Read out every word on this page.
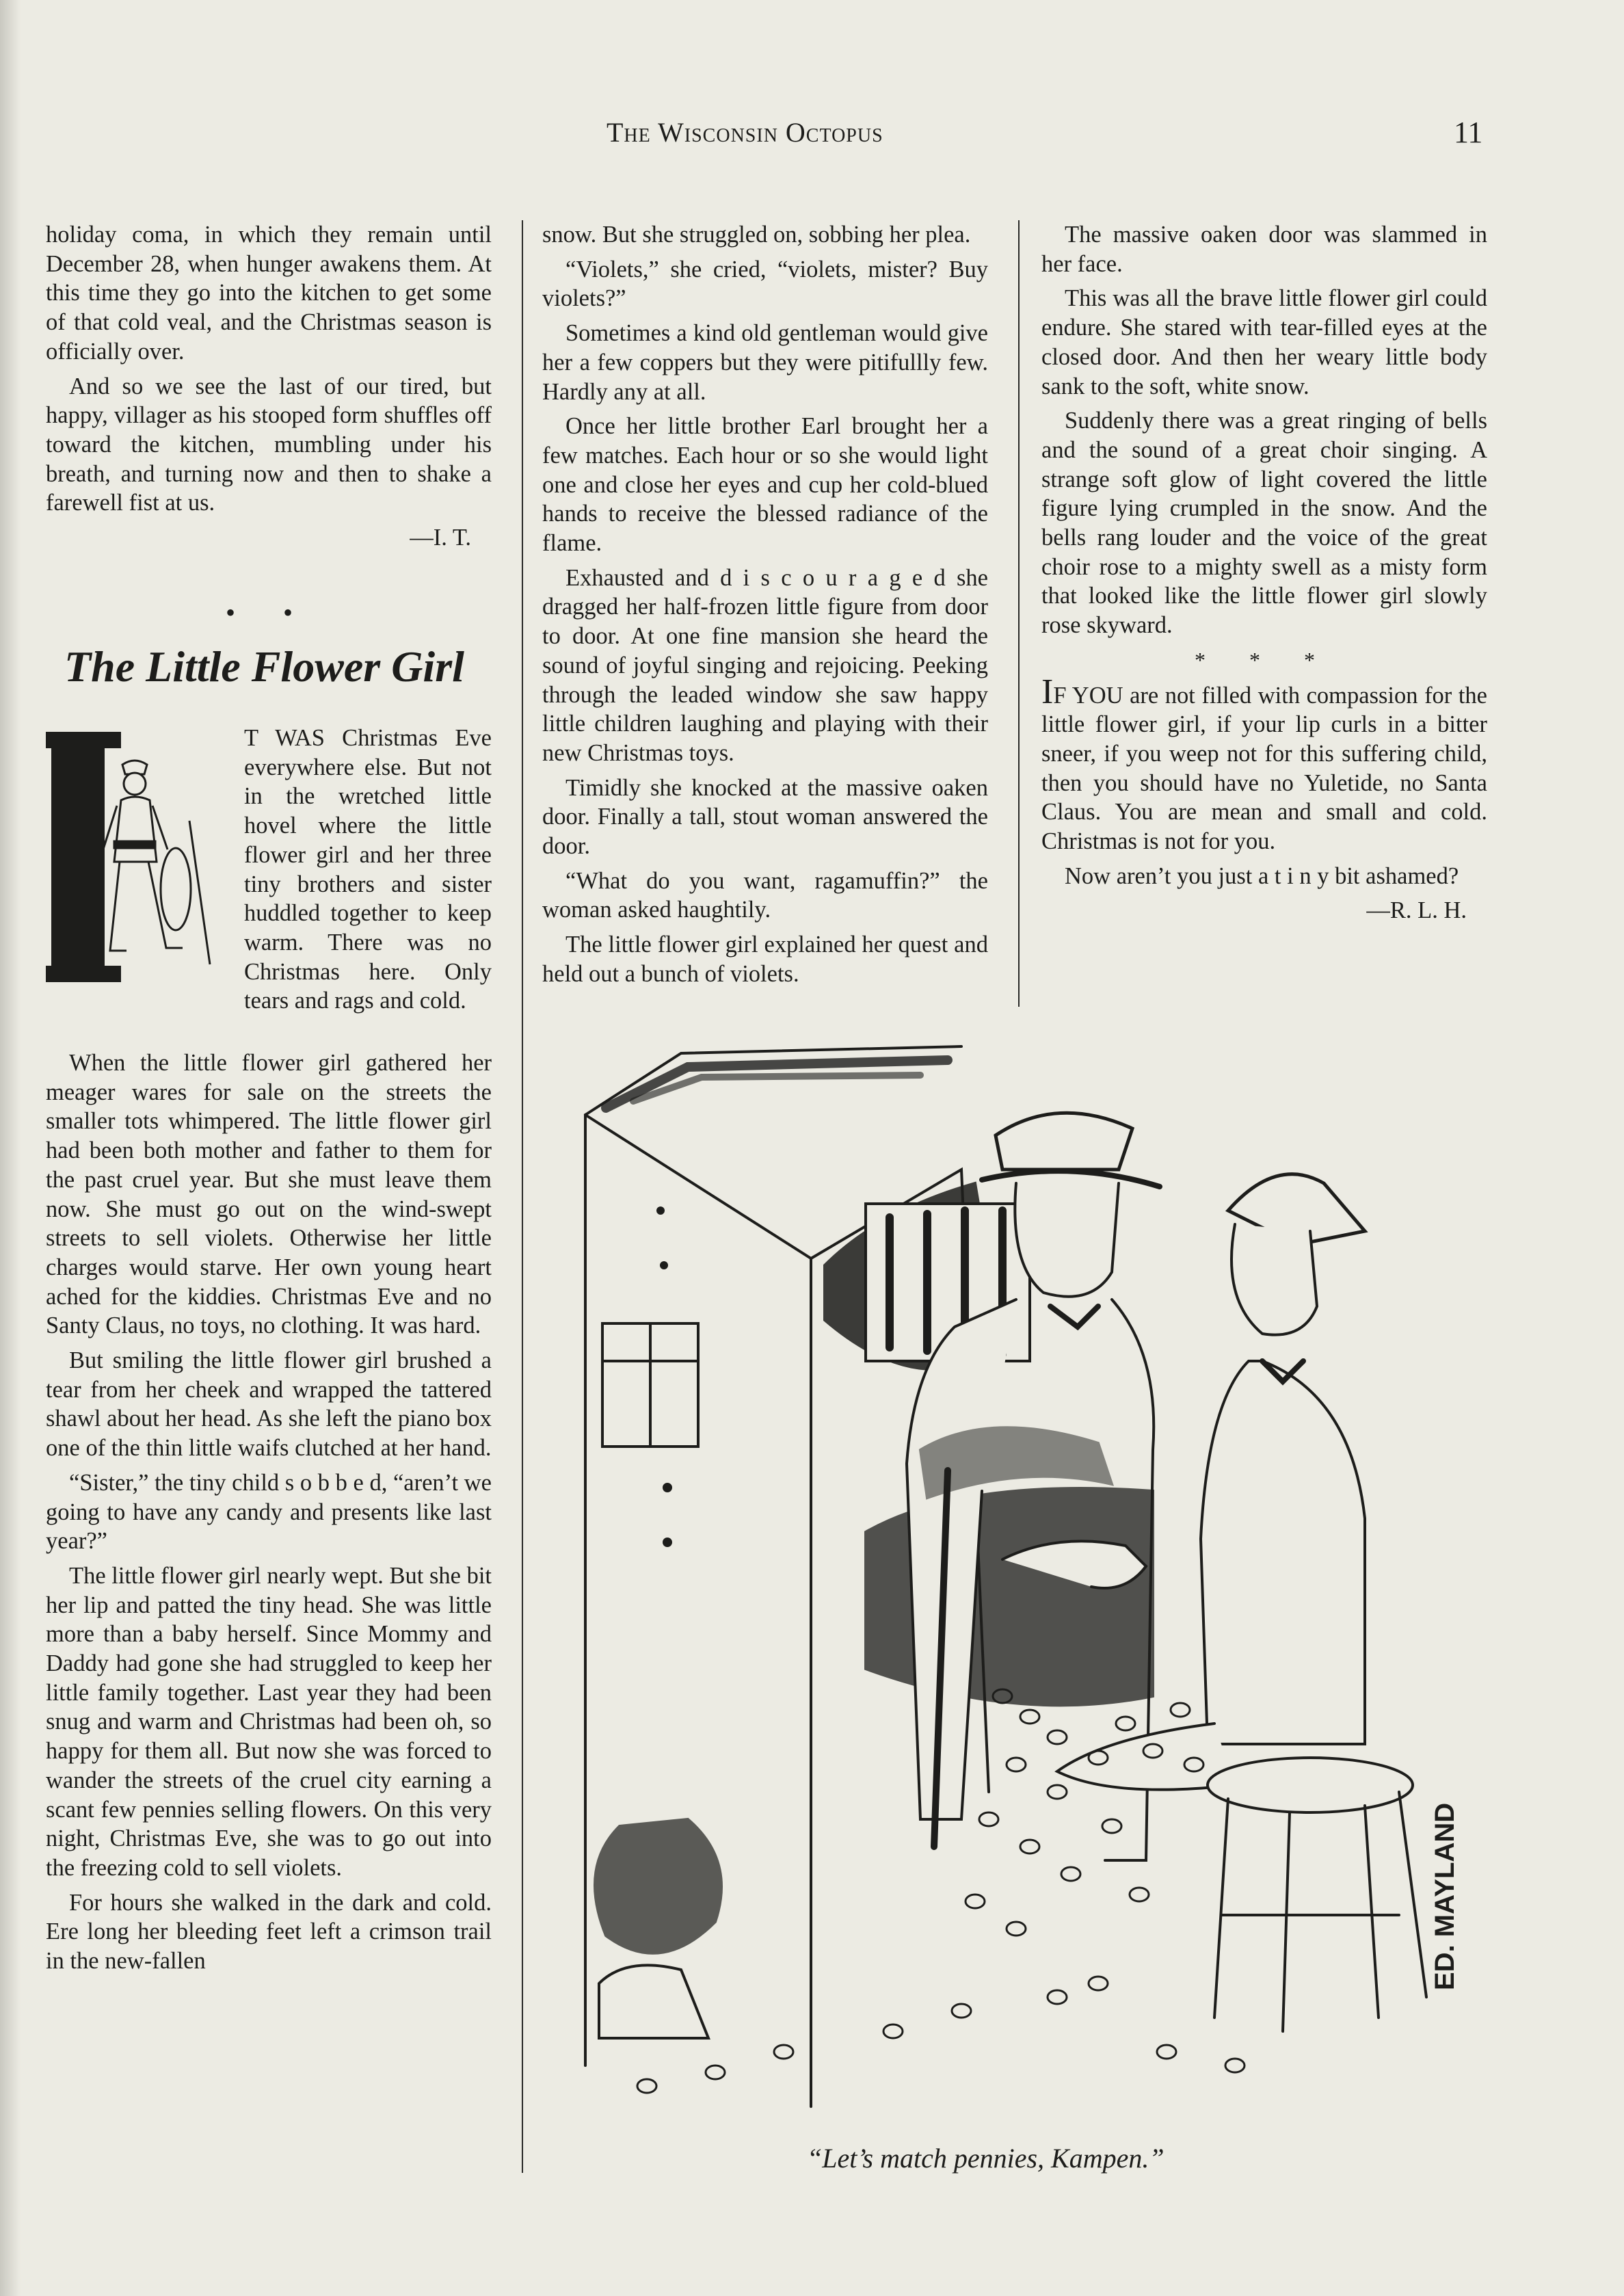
The Wisconsin Octopus	11

holiday coma, in which they remain until December 28, when hunger awakens them. At this time they go into the kitchen to get some of that cold veal, and the Christmas season is officially over.

And so we see the last of our tired, but happy, villager as his stooped form shuffles off toward the kitchen, mumbling under his breath, and turning now and then to shake a farewell fist at us.

—I. T.

• •
The Little Flower Girl
T WAS Christmas Eve everywhere else. But not in the wretched little hovel where the little flower girl and her three tiny brothers and sister huddled together to keep warm. There was no Christmas here. Only tears and rags and cold.

When the little flower girl gathered her meager wares for sale on the streets the smaller tots whimpered. The little flower girl had been both mother and father to them for the past cruel year. But she must leave them now. She must go out on the wind-swept streets to sell violets. Otherwise her little charges would starve. Her own young heart ached for the kiddies. Christmas Eve and no Santy Claus, no toys, no clothing. It was hard.

But smiling the little flower girl brushed a tear from her cheek and wrapped the tattered shawl about her head. As she left the piano box one of the thin little waifs clutched at her hand.

“Sister,” the tiny child s o b b e d, “aren’t we going to have any candy and presents like last year?”

The little flower girl nearly wept. But she bit her lip and patted the tiny head. She was little more than a baby herself. Since Mommy and Daddy had gone she had struggled to keep her little family together. Last year they had been snug and warm and Christmas had been oh, so happy for them all. But now she was forced to wander the streets of the cruel city earning a scant few pennies selling flowers. On this very night, Christmas Eve, she was to go out into the freezing cold to sell violets.

For hours she walked in the dark and cold. Ere long her bleeding feet left a crimson trail in the new-fallen

snow. But she struggled on, sobbing her plea.

“Violets,” she cried, “violets, mister? Buy violets?”

Sometimes a kind old gentleman would give her a few coppers but they were pitifullly few. Hardly any at all.

Once her little brother Earl brought her a few matches. Each hour or so she would light one and close her eyes and cup her cold-blued hands to receive the blessed radiance of the flame.

Exhausted and d i s c o u r a g e d she dragged her half-frozen little figure from door to door. At one fine mansion she heard the sound of joyful singing and rejoicing. Peeking through the leaded window she saw happy little children laughing and playing with their new Christmas toys.

Timidly she knocked at the massive oaken door. Finally a tall, stout woman answered the door.

“What do you want, ragamuffin?” the woman asked haughtily.

The little flower girl explained her quest and held out a bunch of violets.

The massive oaken door was slammed in her face.

This was all the brave little flower girl could endure. She stared with tear-filled eyes at the closed door. And then her weary little body sank to the soft, white snow.

Suddenly there was a great ringing of bells and the sound of a great choir singing. A strange soft glow of light covered the little figure lying crumpled in the snow. And the bells rang louder and the voice of the great choir rose to a mighty swell as a misty form that looked like the little flower girl slowly rose skyward.

* * *

IF YOU are not filled with compassion for the little flower girl, if your lip curls in a bitter sneer, if you weep not for this suffering child, then you should have no Yuletide, no Santa Claus. You are mean and small and cold. Christmas is not for you.

Now aren’t you just a t i n y bit ashamed?

—R. L. H.

ED. MAYLAND
“Let’s match pennies, Kampen.”
